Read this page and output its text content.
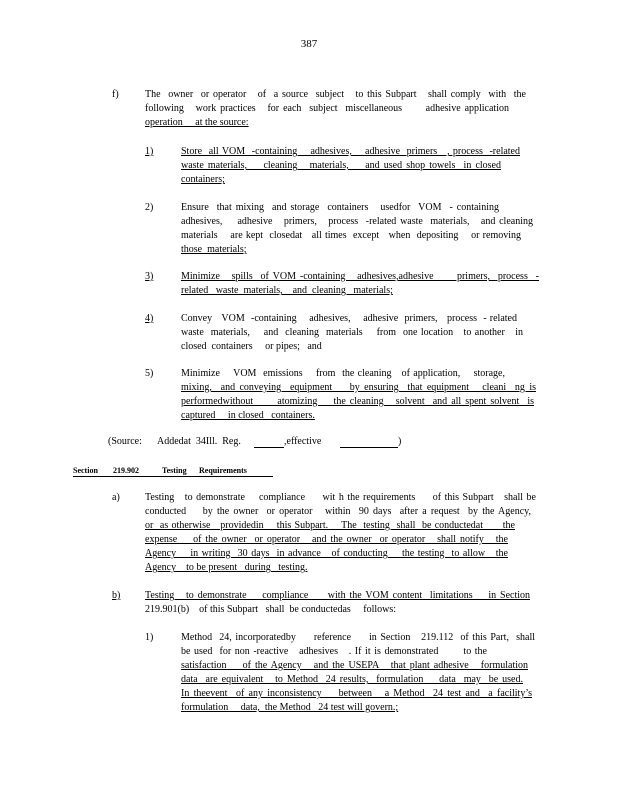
387
f)	The  owner  or operator   of  a source  subject   to this Subpart   shall comply  with  the
following   work practices   for each  subject  miscellaneous      adhesive application
operation     at the source:
1)	Store  all VOM  -containing    adhesives,    adhesive  primers   , process  -related
waste materials,    cleaning   materials,    and used shop towels  in closed
containers;
2)	Ensure  that mixing  and storage  containers   usedfor  VOM  - containing
adhesives,    adhesive   primers,   process  -related waste  materials,   and cleaning
materials    are kept  closedat   all times  except   when  depositing    or removing
those  materials;
3)	Minimize   spills  of VOM -containing   adhesives,adhesive      primers,  process  -
related   waste  materials,    and  cleaning   materials;
4)	Convey   VOM  -containing    adhesives,    adhesive  primers,   process  - related
waste  materials,    and  cleaning  materials    from  one location   to another   in
closed  containers     or pipes;   and
5)	Minimize    VOM  emissions    from  the cleaning   of application,    storage,
mixing,  and conveying  equipment    by ensuring  that equipment   cleani  ng is
performedwithout      atomizing    the cleaning   solvent  and all spent solvent  is
captured     in closed   containers.
(Source: Addedat  34Ill.  Reg.	,effective	)
Section 219.902	Testing Requirements
a)	Testing   to demonstrate    compliance     wit h the requirements     of this Subpart   shall be
conducted    by the owner  or operator   within  90 days  after a request  by the Agency,
or  as otherwise   providedin    this Subpart.    The  testing  shall  be conductedat      the
expense    of the owner  or operator   and the owner  or operator   shall notify   the
Agency    in writing  30 days  in advance   of conducting    the testing  to allow   the
Agency    to be present   during   testing.
b) Testing   to demonstrate    compliance     with the VOM content  limitations    in Section
219.901(b)    of this Subpart   shall  be conductedas     follows:
1)	Method  24, incorporatedby     reference     in Section   219.112  of this Part,  shall
be used  for non -reactive   adhesives   . If it is demonstrated       to the
satisfaction    of the Agency   and the USEPA   that plant adhesive   formulation
data  are equivalent   to Method  24 results,  formulation    data  may  be used.
In theevent  of any inconsistency    between   a Method  24 test and  a facility’s
formulation     data,  the Method   24 test will govern.;
